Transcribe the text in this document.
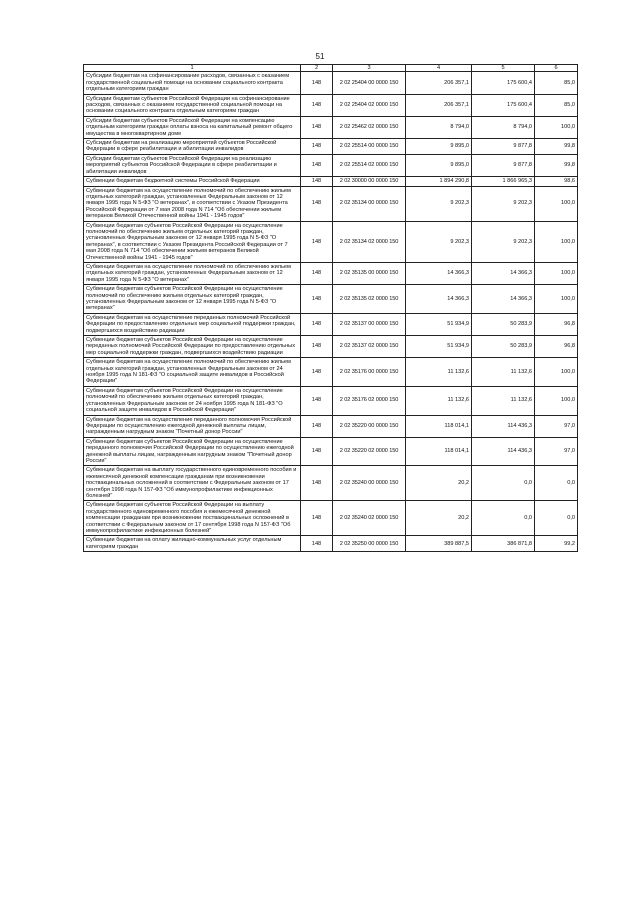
51
1	2	3	4	5	6
Субсидии бюджетам на софинансирование расходов, связанных с оказанием государственной социальной помощи на основании социального контракта отдельным категориям граждан	148	2 02 25404 00 0000 150	206 357,1	175 600,4	85,0
Субсидии бюджетам субъектов Российской Федерации на софинансирование расходов, связанных с оказанием государственной социальной помощи на основании социального контракта отдельным категориям граждан	148	2 02 25404 02 0000 150	206 357,1	175 600,4	85,0
Субсидии бюджетам субъектов Российской Федерации на компенсацию отдельным категориям граждан оплаты взноса на капитальный ремонт общего имущества в многоквартирном доме	148	2 02 25462 02 0000 150	8 794,0	8 794,0	100,0
Субсидии бюджетам на реализацию мероприятий субъектов Российской Федерации в сфере реабилитации и абилитации инвалидов	148	2 02 25514 00 0000 150	9 895,0	9 877,8	99,8
Субсидии бюджетам субъектов Российской Федерации на реализацию мероприятий субъектов Российской Федерации в сфере реабилитации и абилитации инвалидов	148	2 02 25514 02 0000 150	9 895,0	9 877,8	99,8
Субвенции бюджетам бюджетной системы Российской Федерации	148	2 02 30000 00 0000 150	1 894 290,8	1 866 965,3	98,6
Субвенции бюджетам на осуществление полномочий по обеспечению жильем отдельных категорий граждан, установленных Федеральным законом от 12 января 1995 года N 5-ФЗ "О ветеранах", в соответствии с Указом Президента Российской Федерации от 7 мая 2008 года N 714 "Об обеспечении жильем ветеранов Великой Отечественной войны 1941 - 1945 годов"	148	2 02 35134 00 0000 150	9 202,3	9 202,3	100,0
Субвенции бюджетам субъектов Российской Федерации на осуществление полномочий по обеспечению жильем отдельных категорий граждан, установленных Федеральным законом от 12 января 1995 года N 5-ФЗ "О ветеранах", в соответствии с Указом Президента Российской Федерации от 7 мая 2008 года N 714 "Об обеспечении жильем ветеранов Великой Отечественной войны 1941 - 1945 годов"	148	2 02 35134 02 0000 150	9 202,3	9 202,3	100,0
Субвенции бюджетам на осуществление полномочий по обеспечению жильем отдельных категорий граждан, установленных Федеральным законом от 12 января 1995 года N 5-ФЗ "О ветеранах"	148	2 02 35135 00 0000 150	14 366,3	14 366,3	100,0
Субвенции бюджетам субъектов Российской Федерации на осуществление полномочий по обеспечению жильем отдельных категорий граждан, установленных Федеральным законом от 12 января 1995 года N 5-ФЗ "О ветеранах"	148	2 02 35135 02 0000 150	14 366,3	14 366,3	100,0
Субвенции бюджетам на осуществление переданных полномочий Российской Федерации по предоставлению отдельных мер социальной поддержки граждан, подвергшихся воздействию радиации	148	2 02 35137 00 0000 150	51 934,9	50 283,9	96,8
Субвенции бюджетам субъектов Российской Федерации на осуществление переданных полномочий Российской Федерации по предоставлению отдельных мер социальной поддержки граждан, подвергшихся воздействию радиации	148	2 02 35137 02 0000 150	51 934,9	50 283,9	96,8
Субвенции бюджетам на осуществление полномочий по обеспечению жильем отдельных категорий граждан, установленных Федеральным законом от 24 ноября 1995 года N 181-ФЗ "О социальной защите инвалидов в Российской Федерации"	148	2 02 35176 00 0000 150	11 132,6	11 132,6	100,0
Субвенции бюджетам субъектов Российской Федерации на осуществление полномочий по обеспечению жильем отдельных категорий граждан, установленных Федеральным законом от 24 ноября 1995 года N 181-ФЗ "О социальной защите инвалидов в Российской Федерации"	148	2 02 35176 02 0000 150	11 132,6	11 132,6	100,0
Субвенции бюджетам на осуществление переданного полномочия Российской Федерации по осуществлению ежегодной денежной выплаты лицам, награжденным нагрудным знаком "Почетный донор России"	148	2 02 35220 00 0000 150	118 014,1	114 436,3	97,0
Субвенции бюджетам субъектов Российской Федерации на осуществление переданного полномочия Российской Федерации по осуществлению ежегодной денежной выплаты лицам, награжденным нагрудным знаком "Почетный донор России"	148	2 02 35220 02 0000 150	118 014,1	114 436,3	97,0
Субвенции бюджетам на выплату государственного единовременного пособия и ежемесячной денежной компенсации гражданам при возникновении поствакцинальных осложнений в соответствии с Федеральным законом от 17 сентября 1998 года N 157-ФЗ "Об иммунопрофилактике инфекционных болезней"	148	2 02 35240 00 0000 150	20,2	0,0	0,0
Субвенции бюджетам субъектов Российской Федерации на выплату государственного единовременного пособия и ежемесячной денежной компенсации гражданам при возникновении поствакцинальных осложнений в соответствии с Федеральным законом от 17 сентября 1998 года N 157-ФЗ "Об иммунопрофилактике инфекционных болезней"	148	2 02 35240 02 0000 150	20,2	0,0	0,0
Субвенции бюджетам на оплату жилищно-коммунальных услуг отдельным категориям граждан	148	2 02 35250 00 0000 150	389 887,5	386 871,8	99,2
